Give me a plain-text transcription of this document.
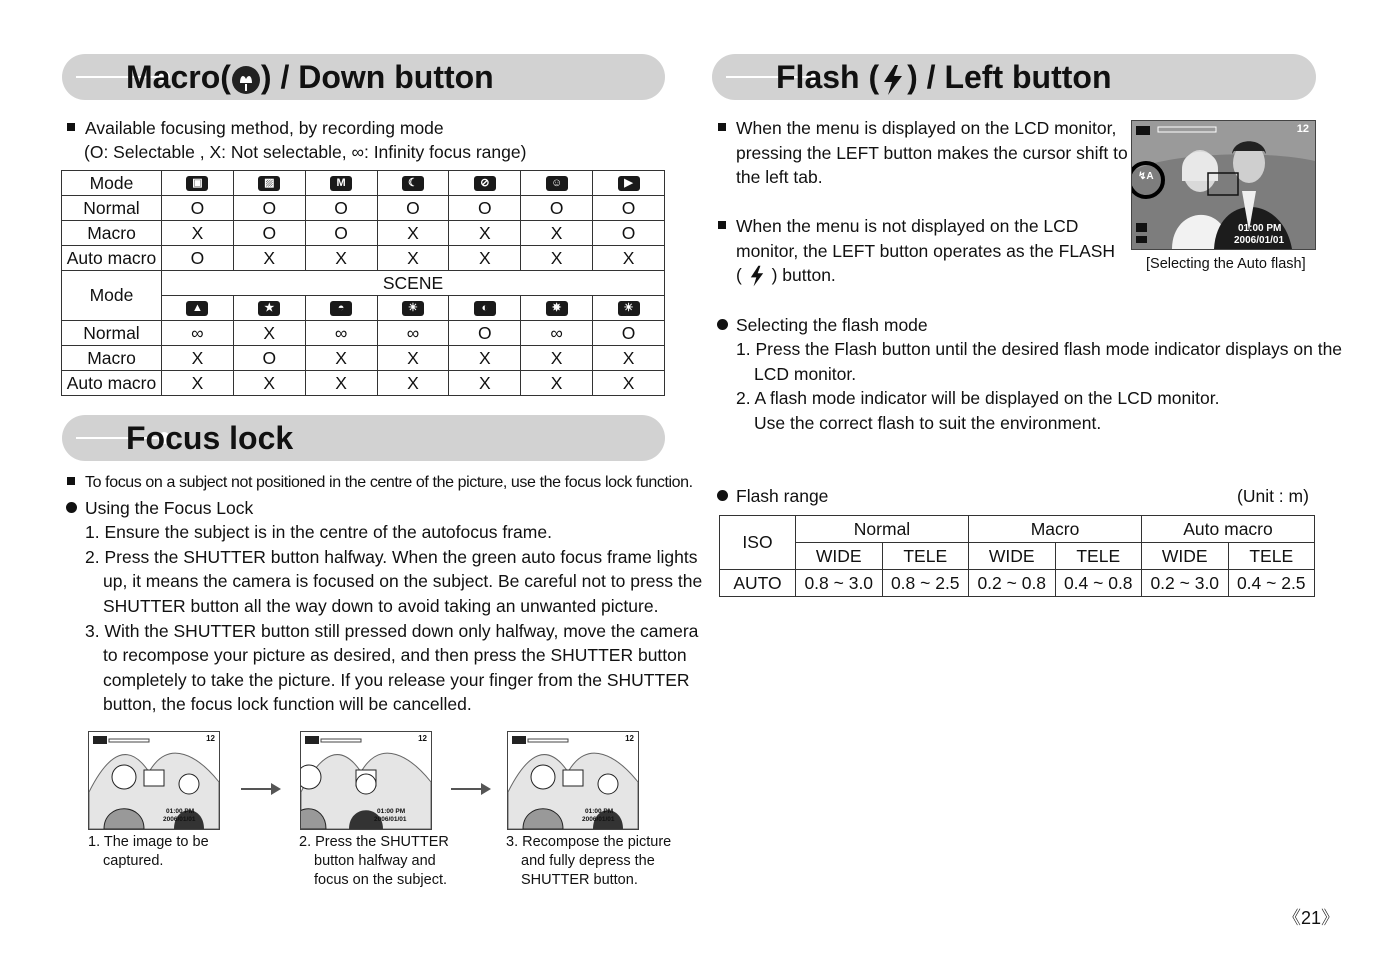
Macro( ) / Down button
Available focusing method, by recording mode
(O: Selectable , X: Not selectable, ∞: Infinity focus range)
Mode	▣	▨	M	☾	⊘	☺	▶
Normal	O	O	O	O	O	O	O
Macro	X	O	O	X	X	X	O
Auto macro	O	X	X	X	X	X	X
Mode	SCENE						
	▲	★	◓	☀	◐	✵	☀
Normal	∞	X	∞	∞	O	∞	O
Macro	X	O	X	X	X	X	X
Auto macro	X	X	X	X	X	X	X
Focus lock
To focus on a subject not positioned in the centre of the picture, use the focus lock function.
Using the Focus Lock
1. Ensure the subject is in the centre of the autofocus frame.
2. Press the SHUTTER button halfway. When the green auto focus frame lights
up, it means the camera is focused on the subject. Be careful not to press the
SHUTTER button all the way down to avoid taking an unwanted picture.
3. With the SHUTTER button still pressed down only halfway, move the camera
to recompose your picture as desired, and then press the SHUTTER button
completely to take the picture. If you release your finger from the SHUTTER
button, the focus lock function will be cancelled.
12
01:00 PM
2006/01/01
12
01:00 PM
2006/01/01
12
01:00 PM
2006/01/01
1. The image to be
captured.
2. Press the SHUTTER
button halfway and
focus on the subject.
3. Recompose the picture
and fully depress the
SHUTTER button.
Flash ( ) / Left button
When the menu is displayed on the LCD monitor,
pressing the LEFT button makes the cursor shift to
the left tab.
When the menu is not displayed on the LCD
monitor, the LEFT button operates as the FLASH
( ) button.
12
↯A
01:00 PM
2006/01/01
[Selecting the Auto flash]
Selecting the flash mode
1. Press the Flash button until the desired flash mode indicator displays on the
LCD monitor.
2. A flash mode indicator will be displayed on the LCD monitor.
Use the correct flash to suit the environment.
Flash range	(Unit : m)
ISO	Normal		Macro		Auto macro	
	WIDE	TELE	WIDE	TELE	WIDE	TELE
AUTO	0.8 ~ 3.0	0.8 ~ 2.5	0.2 ~ 0.8	0.4 ~ 0.8	0.2 ~ 3.0	0.4 ~ 2.5
《21》
